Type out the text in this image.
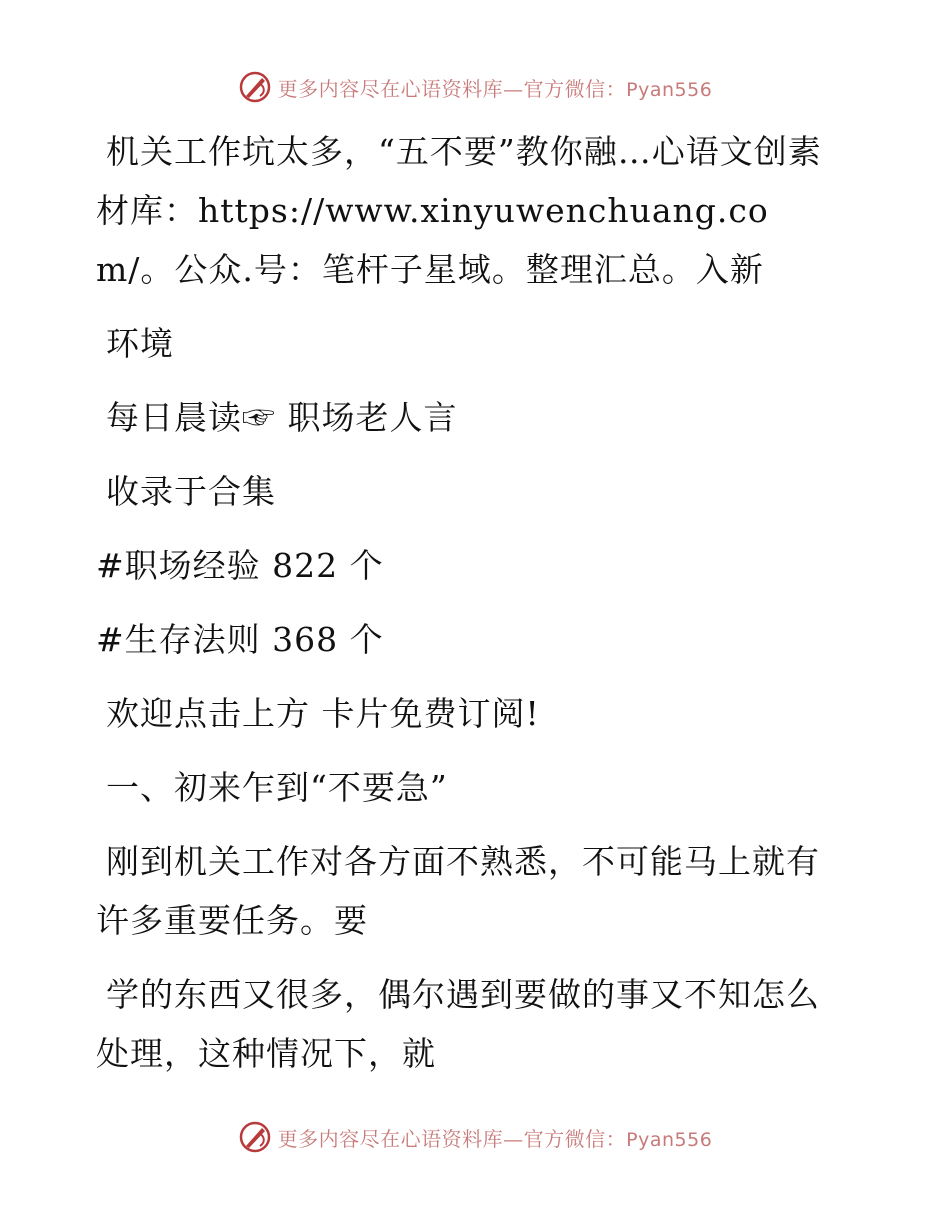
更多内容尽在心语资料库—官方微信：Pyan556

机关工作坑太多，“五不要”教你融…心语文创素材库：https://www.xinyuwenchuang.com/。公众.号：笔杆子星域。整理汇总。入新

环境

每日晨读☞ 职场老人言

收录于合集

#职场经验 822 个

#生存法则 368 个

欢迎点击上方 卡片免费订阅!

一、初来乍到“不要急”

刚到机关工作对各方面不熟悉，不可能马上就有许多重要任务。要

学的东西又很多，偶尔遇到要做的事又不知怎么处理，这种情况下，就

更多内容尽在心语资料库—官方微信：Pyan556
